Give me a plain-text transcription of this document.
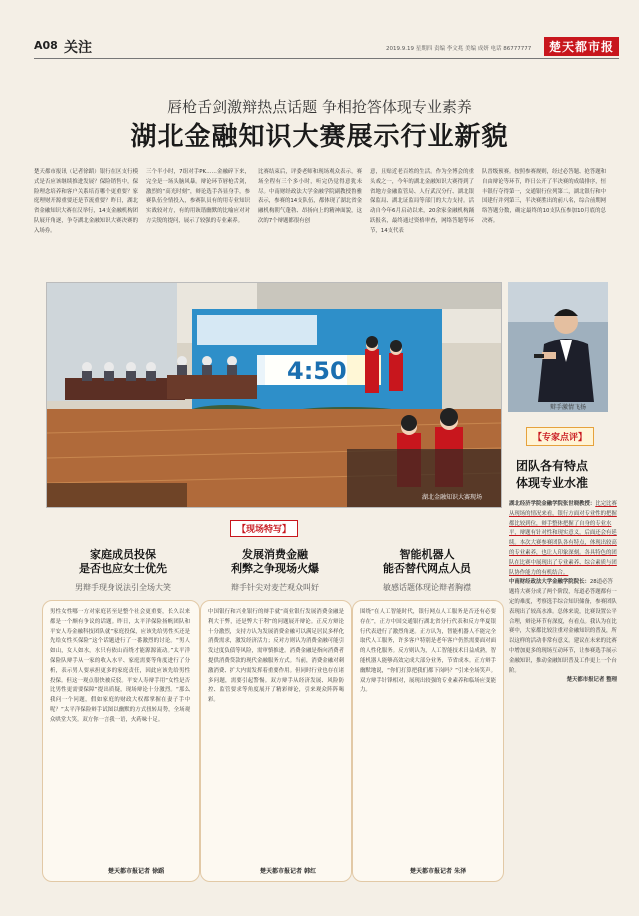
A08 关注	2019.9.19 星期四 责编 李文兆 美编 成妍 电话 86777777	楚天都市报
唇枪舌剑激辩热点话题 争相抢答体现专业素养
湖北金融知识大赛展示行业新貌
楚天都市报讯（记者徐蹈）银行在区支行模式是否应该继续推进发展？保险销售中，保险理念培养和客户关系培育哪个更重要？家庭理财开源重要还是节流重要？昨日，湖北省金融知识大赛在汉举行，14支金融机构团队展开角逐，争夺湖北金融知识大赛决赛的入场券。
三个半小时，7组对手PK……金融碎下来，完全是一场头脑风暴。辩论环节唇枪舌剑，激烈的“高光时刻”，辩论选手各显身手，参赛队伍全情投入，参赛队员有的用专业知识实战较对方，有的用诙谐幽默的比喻应对对方尖锐的提问，展示了较强的专业素养。
比赛结束后，评委老师和现场观众表示，赛场全程有三个多小时，听完仍觉得意犹未尽。中南财经政法大学金融学院副教授鲁雅表示，参赛的14支队伍，都体现了湖北省金融机构朝气蓬勃、昂扬向上的精神面貌，这次的7个辩题都很有创
意，且贴近老百姓的生活。作为全博会的重头戏之一，今年的湖北金融知识大赛得到了省地方金融监管局、人行武汉分行、湖北银保监局、湖北证监局等部门的大力支持。活动自今年6月启动以来，20余家金融机构踊跃报名，最终通过资格审查，网络答题等环节，14支代表
队晋级预赛。按照参赛规则，经过必答题、抢答题和自由辩论等环节，昨日公开了半决赛的成绩排序，恒丰银行夺得第一，交通银行位列第二，湖北银行和中国建行并列第三，半决赛胜出的前八名，综合前期网络答题分数，确定最终的10支队伍参加10月底的总决赛。
4:50
湖北金融知识大赛现场
辩手激情飞扬
【专家点评】
团队各有特点
体现专业水准
湖北经济学院金融学院张世晓教授：比完比赛从现场的情况来看，银行方面对专业性的把握都比较到位，辩手整体把握了自身的专业水平，辩题有针对性和现实意义，后面还会有延续。本次大赛参赛团队各有特点，体现出较高的专业素养，也让人印象深刻。各具特色的团队在比赛中展现出了专业素养、综合素质与团队协作能力的有机结合。
中南财经政法大学金融学院院长：28道必答题将大赛分成了两个阶段，每道必答题都有一定的难度，考察选手综合知识储备，参赛团队表现出了较高水准。总体来说，比赛设置公平合理，辩论环节有深度，有看点。我认为在比赛中，大家都比较注重对金融知识的普及，所以这样的活动非常有意义。建议在未来的比赛中增加更多的现场互动环节，让参赛选手展示金融知识，推动金融知识普及工作更上一个台阶。

楚天都市报记者 整理
【现场特写】
家庭成员投保
是否也应女士优先
男辩手现身说法引全场大笑
男性女性哪一方对家庭甚至是整个社会更重要，长久以来都是一个颇有争议的话题。昨日，太平洋保险扬帆团队和平安人寿金融科技团队就“家庭投保，应该先给男性买还是先给女性买保险”这个话题进行了一番激烈的讨论。“男人如山，女人如水，水只有依山而绕才能源源流动。”太平洋保险队辩手从一家的收入水平、家庭需要等角度进行了分析，表示男人要承担更多的家庭责任，因此应该先给男性投保。但这一观点很快被反驳。平安人寿辩手用“女性是否比男性更需要保障”提出质疑，现场辩论十分激烈。“那么我问一个问题，假如家庭的财政大权都掌握在妻子手中呢？”太平洋保险辩手试图以幽默的方式扭转局势，全场观众哄堂大笑。双方你一言我一语，火药味十足。
楚天都市报记者 徐蹈
发展消费金融
利弊之争现场火爆
辩手针尖对麦芒观众叫好
中国银行和兴业银行的辩手就“商业银行发展消费金融是利大于弊，还是弊大于利”的问题展开辩论。正反方辩论十分激烈，支持方认为发展消费金融可以满足居民多样化消费需求，激发经济活力；反对方则认为消费金融可能引发过度负债等风险，需审慎推进。消费金融是指向消费者提供消费贷款的现代金融服务方式。当前，消费金融对刺激消费、扩大内需发挥着重要作用。但同时行业也存在诸多问题，需要引起警惕。双方辩手从经济发展、风险防控、监管要求等角度展开了精彩辩论，引来观众阵阵喝彩。
楚天都市报记者 韩红
智能机器人
能否替代网点人员
敏感话题体现论辩者胸襟
围绕“在人工智能时代，银行网点人工服务是否还有必要存在”，正方中国交通银行湖北省分行代表和反方华夏银行代表进行了激烈角逐。正方认为，智能机器人不能完全取代人工服务，许多客户特别是老年客户仍然需要面对面的人性化服务。反方则认为，人工智能技术日益成熟，智能机器人能够高效完成大部分业务，节省成本。正方辩手幽默地说，“你们打算把我们都下岗吗？”引来全场笑声。双方辩手针锋相对，展现出较强的专业素养和临场应变能力。
楚天都市报记者 朱泽
